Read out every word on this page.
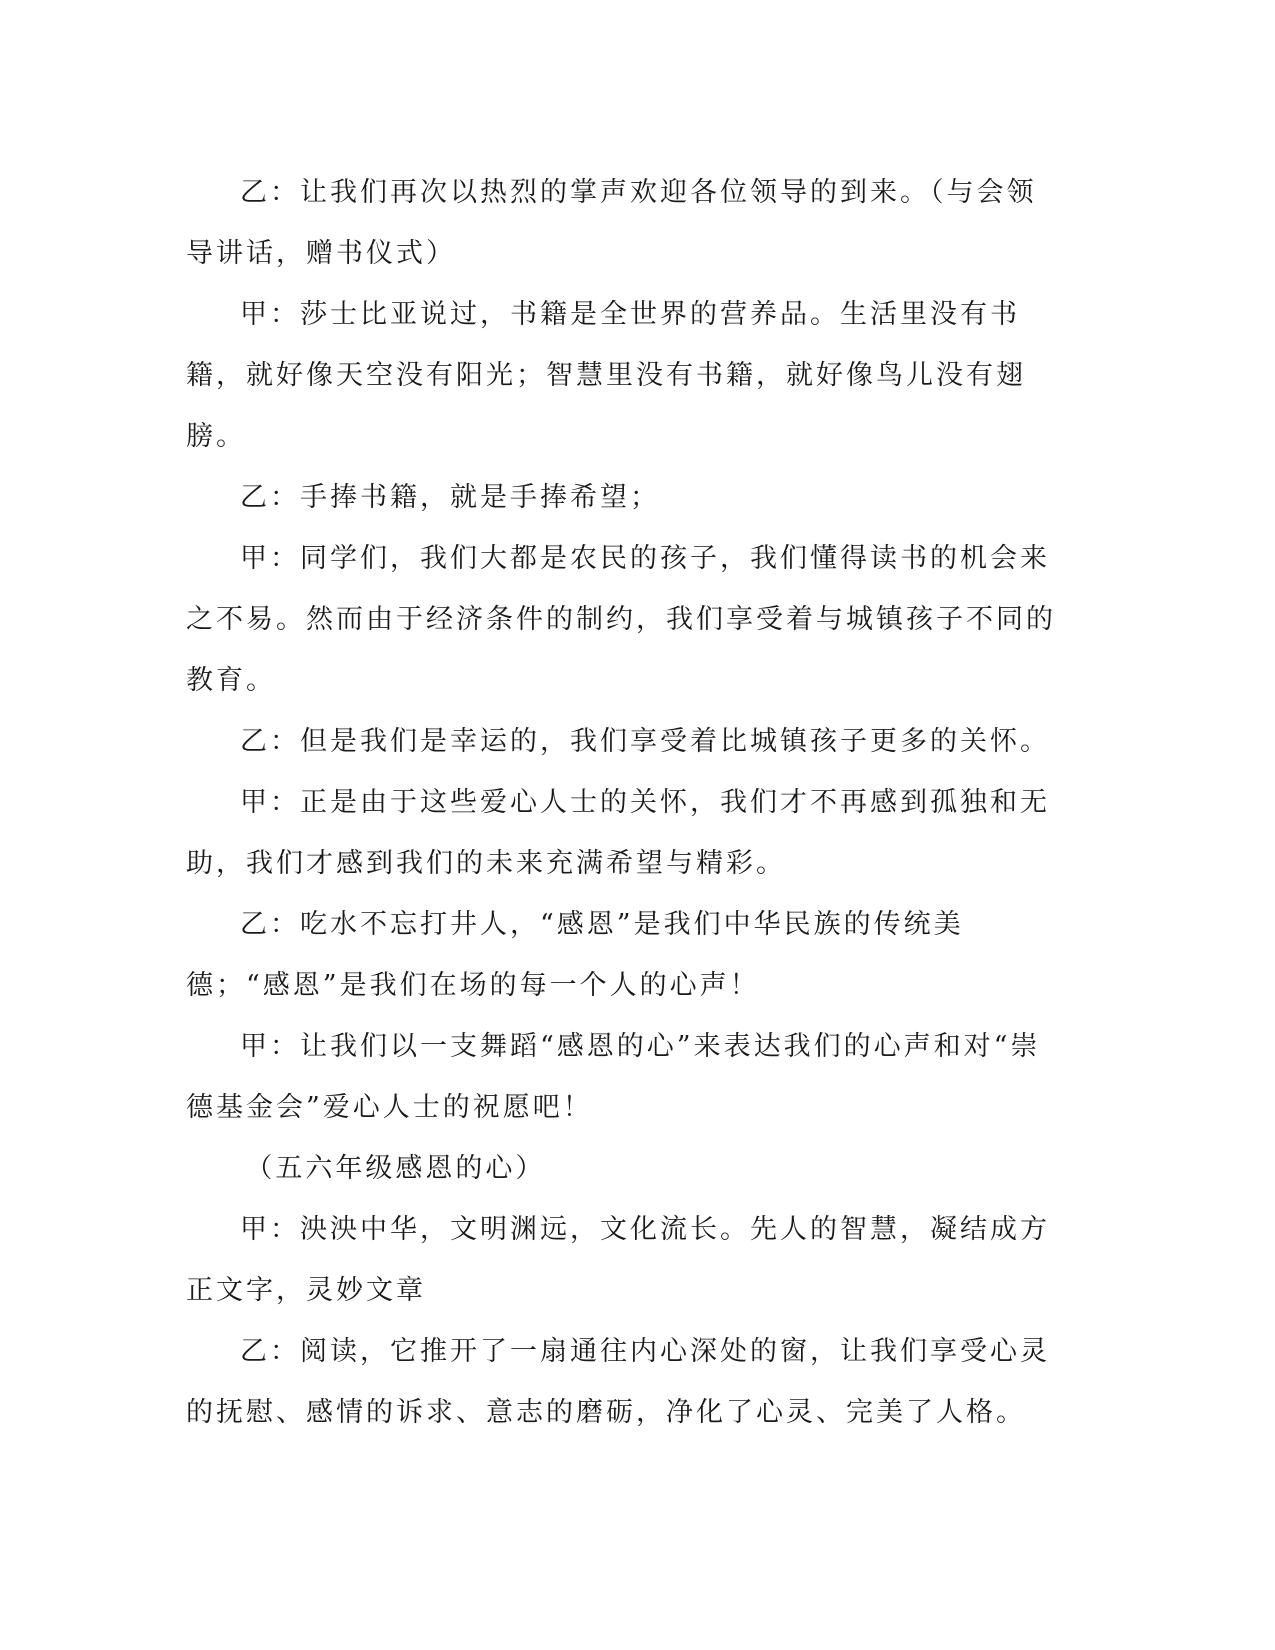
乙：让我们再次以热烈的掌声欢迎各位领导的到来。（与会领导讲话，赠书仪式）

甲：莎士比亚说过，书籍是全世界的营养品。生活里没有书籍，就好像天空没有阳光；智慧里没有书籍，就好像鸟儿没有翅膀。

乙：手捧书籍，就是手捧希望；

甲：同学们，我们大都是农民的孩子，我们懂得读书的机会来之不易。然而由于经济条件的制约，我们享受着与城镇孩子不同的教育。

乙：但是我们是幸运的，我们享受着比城镇孩子更多的关怀。

甲：正是由于这些爱心人士的关怀，我们才不再感到孤独和无助，我们才感到我们的未来充满希望与精彩。

乙：吃水不忘打井人，“感恩”是我们中华民族的传统美德；“感恩”是我们在场的每一个人的心声！

甲：让我们以一支舞蹈“感恩的心”来表达我们的心声和对“崇德基金会”爱心人士的祝愿吧！

（五六年级感恩的心）

甲：泱泱中华，文明渊远，文化流长。先人的智慧，凝结成方正文字，灵妙文章

乙：阅读，它推开了一扇通往内心深处的窗，让我们享受心灵的抚慰、感情的诉求、意志的磨砺，净化了心灵、完美了人格。
